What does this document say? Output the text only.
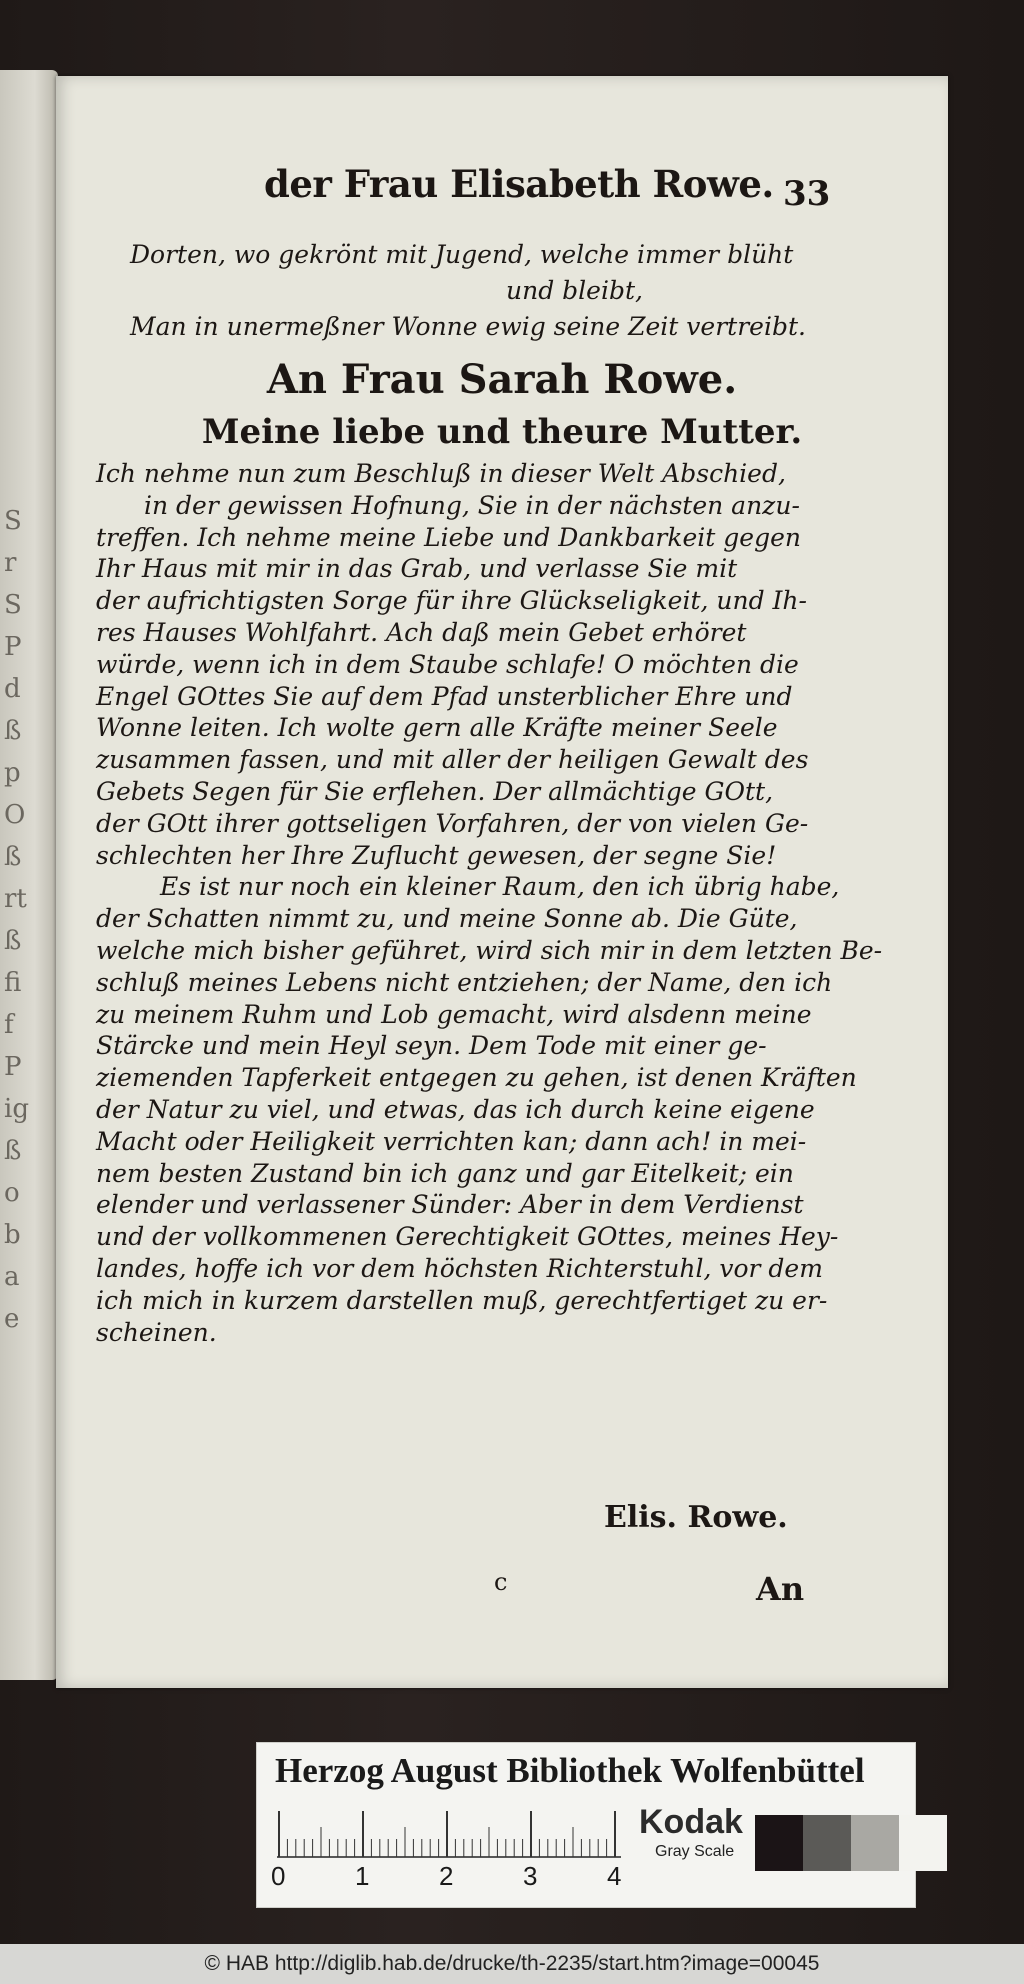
S
r
S
P
d
ß
p
O
ß
rt
ß
fi
f
P
ig
ß
o
b
a
e
der Frau Elisabeth Rowe. 33
Dorten, wo gekrönt mit Jugend, welche immer blüht
und bleibt,
Man in unermeßner Wonne ewig seine Zeit vertreibt.
An Frau Sarah Rowe.
Meine liebe und theure Mutter.

Ich nehme nun zum Beschluß in dieser Welt Abschied,
in der gewissen Hofnung, Sie in der nächsten anzu-
treffen. Ich nehme meine Liebe und Dankbarkeit gegen
Ihr Haus mit mir in das Grab, und verlasse Sie mit
der aufrichtigsten Sorge für ihre Glückseligkeit, und Ih-
res Hauses Wohlfahrt. Ach daß mein Gebet erhöret
würde, wenn ich in dem Staube schlafe! O möchten die
Engel GOttes Sie auf dem Pfad unsterblicher Ehre und
Wonne leiten. Ich wolte gern alle Kräfte meiner Seele
zusammen fassen, und mit aller der heiligen Gewalt des
Gebets Segen für Sie erflehen. Der allmächtige GOtt,
der GOtt ihrer gottseligen Vorfahren, der von vielen Ge-
schlechten her Ihre Zuflucht gewesen, der segne Sie!

Es ist nur noch ein kleiner Raum, den ich übrig habe,
der Schatten nimmt zu, und meine Sonne ab. Die Güte,
welche mich bisher geführet, wird sich mir in dem letzten Be-
schluß meines Lebens nicht entziehen; der Name, den ich
zu meinem Ruhm und Lob gemacht, wird alsdenn meine
Stärcke und mein Heyl seyn. Dem Tode mit einer ge-
ziemenden Tapferkeit entgegen zu gehen, ist denen Kräften
der Natur zu viel, und etwas, das ich durch keine eigene
Macht oder Heiligkeit verrichten kan; dann ach! in mei-
nem besten Zustand bin ich ganz und gar Eitelkeit; ein
elender und verlassener Sünder: Aber in dem Verdienst
und der vollkommenen Gerechtigkeit GOttes, meines Hey-
landes, hoffe ich vor dem höchsten Richterstuhl, vor dem
ich mich in kurzem darstellen muß, gerechtfertiget zu er-
scheinen.

Elis. Rowe.
c	An
Herzog August Bibliothek Wolfenbüttel
Kodak
Gray Scale
0	1	2	3	4
© HAB http://diglib.hab.de/drucke/th-2235/start.htm?image=00045
